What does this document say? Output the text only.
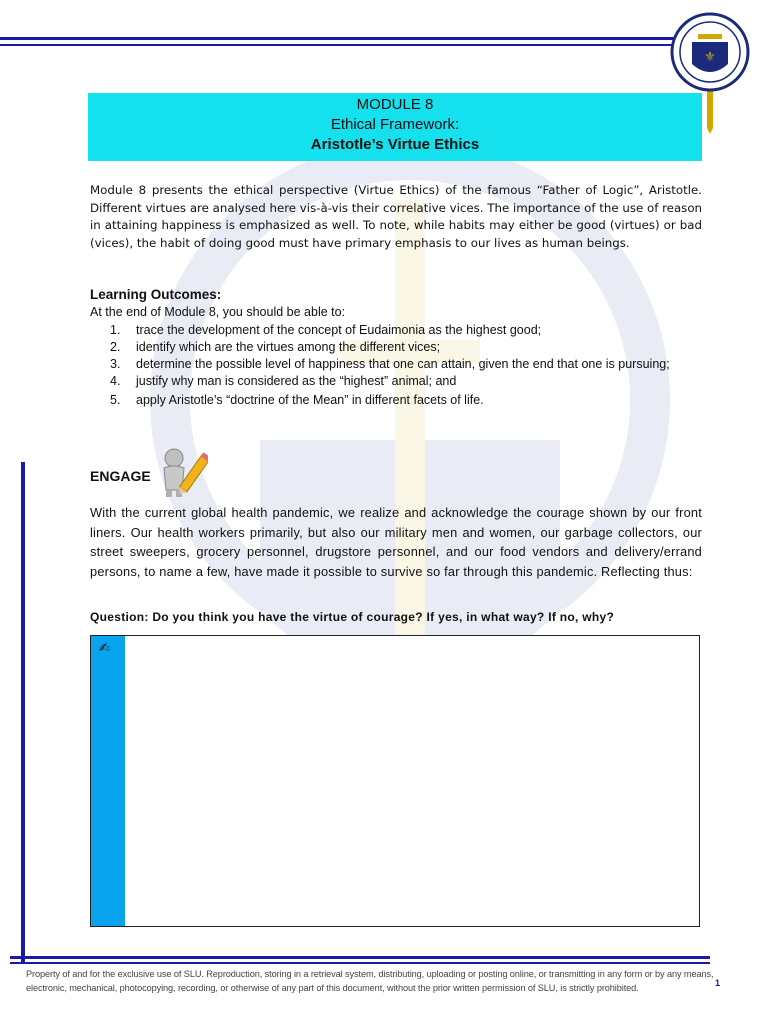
⚜
MODULE 8
Ethical Framework:
Aristotle’s Virtue Ethics
Module 8 presents the ethical perspective (Virtue Ethics) of the famous “Father of Logic”, Aristotle. Different virtues are analysed here vis-à-vis their correlative vices. The importance of the use of reason in attaining happiness is emphasized as well. To note, while habits may either be good (virtues) or bad (vices), the habit of doing good must have primary emphasis to our lives as human beings.
Learning Outcomes:
At the end of Module 8, you should be able to:
1. trace the development of the concept of Eudaimonia as the highest good;
2. identify which are the virtues among the different vices;
3. determine the possible level of happiness that one can attain, given the end that one is pursuing;
4. justify why man is considered as the “highest” animal; and
5. apply Aristotle’s “doctrine of the Mean” in different facets of life.
ENGAGE
With the current global health pandemic, we realize and acknowledge the courage shown by our front liners. Our health workers primarily, but also our military men and women, our garbage collectors, our street sweepers, grocery personnel, drugstore personnel, and our food vendors and delivery/errand persons, to name a few, have made it possible to survive so far through this pandemic. Reflecting thus:
Question: Do you think you have the virtue of courage? If yes, in what way? If no, why?
✍
Property of and for the exclusive use of SLU. Reproduction, storing in a retrieval system, distributing, uploading or posting online, or transmitting in any form or by any means, electronic, mechanical, photocopying, recording, or otherwise of any part of this document, without the prior written permission of SLU, is strictly prohibited.	1
